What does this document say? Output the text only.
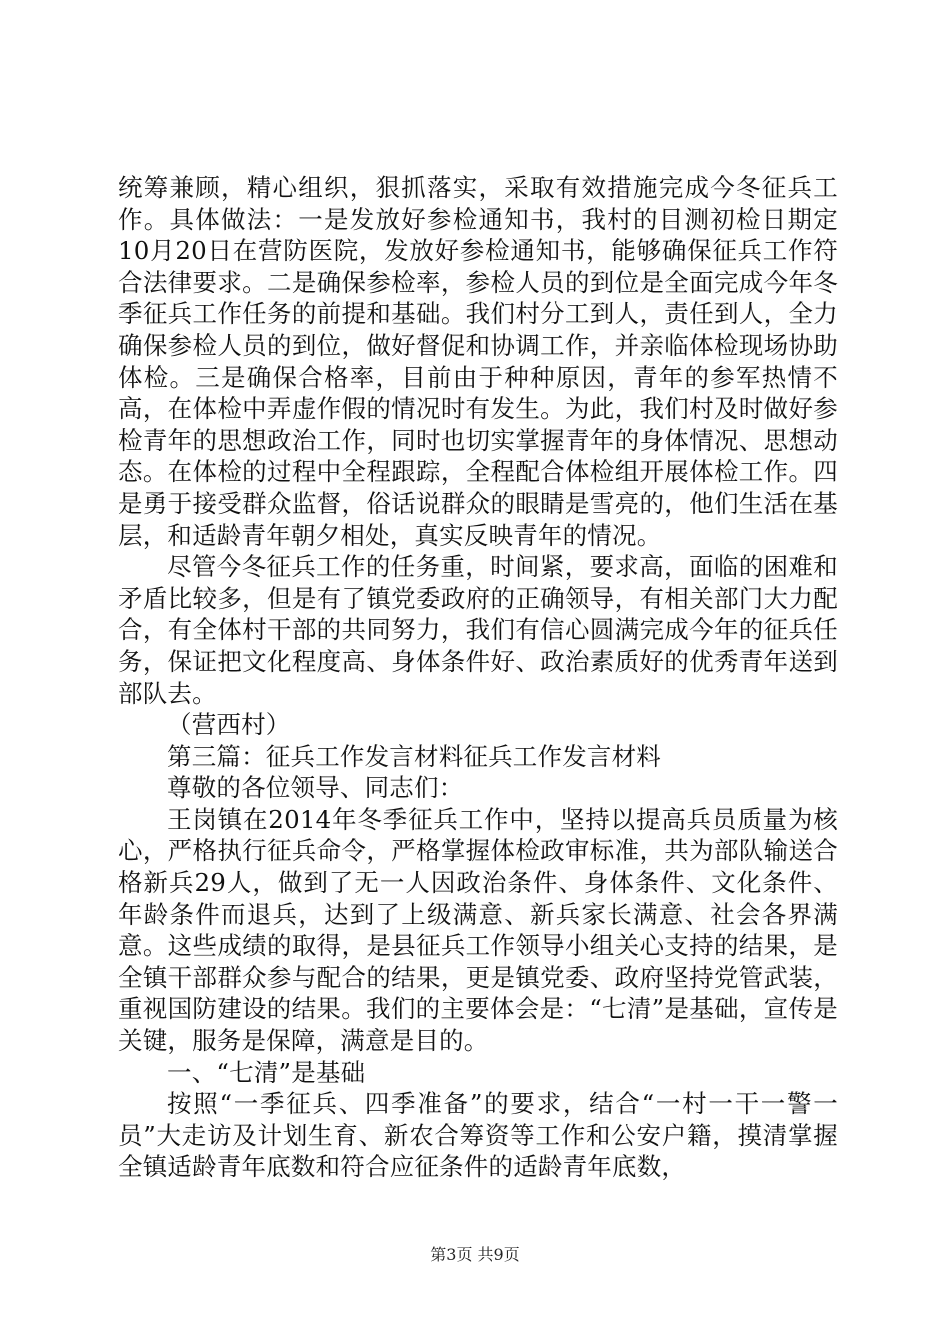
统筹兼顾，精心组织，狠抓落实，采取有效措施完成今冬征兵工作。具体做法：一是发放好参检通知书，我村的目测初检日期定10月20日在营防医院，发放好参检通知书，能够确保征兵工作符合法律要求。二是确保参检率，参检人员的到位是全面完成今年冬季征兵工作任务的前提和基础。我们村分工到人，责任到人，全力确保参检人员的到位，做好督促和协调工作，并亲临体检现场协助体检。三是确保合格率，目前由于种种原因，青年的参军热情不高，在体检中弄虚作假的情况时有发生。为此，我们村及时做好参检青年的思想政治工作，同时也切实掌握青年的身体情况、思想动态。在体检的过程中全程跟踪，全程配合体检组开展体检工作。四是勇于接受群众监督，俗话说群众的眼睛是雪亮的，他们生活在基层，和适龄青年朝夕相处，真实反映青年的情况。

尽管今冬征兵工作的任务重，时间紧，要求高，面临的困难和矛盾比较多，但是有了镇党委政府的正确领导，有相关部门大力配合，有全体村干部的共同努力，我们有信心圆满完成今年的征兵任务，保证把文化程度高、身体条件好、政治素质好的优秀青年送到部队去。

（营西村）

第三篇：征兵工作发言材料征兵工作发言材料

尊敬的各位领导、同志们：

王岗镇在2014年冬季征兵工作中，坚持以提高兵员质量为核心，严格执行征兵命令，严格掌握体检政审标准，共为部队输送合格新兵29人，做到了无一人因政治条件、身体条件、文化条件、年龄条件而退兵，达到了上级满意、新兵家长满意、社会各界满意。这些成绩的取得，是县征兵工作领导小组关心支持的结果，是全镇干部群众参与配合的结果，更是镇党委、政府坚持党管武装，重视国防建设的结果。我们的主要体会是：“七清”是基础，宣传是关键，服务是保障，满意是目的。

一、“七清”是基础

按照“一季征兵、四季准备”的要求，结合“一村一干一警一员”大走访及计划生育、新农合筹资等工作和公安户籍，摸清掌握全镇适龄青年底数和符合应征条件的适龄青年底数，

第3页 共9页
